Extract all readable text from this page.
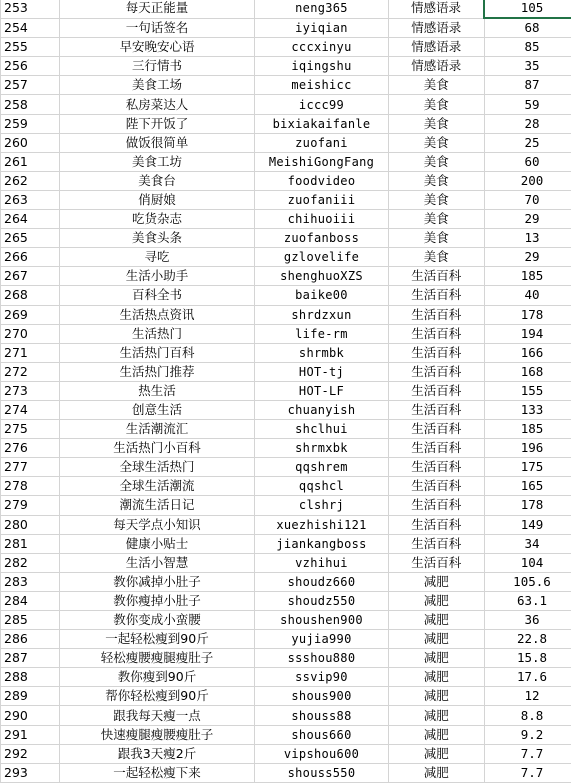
253	每天正能量	neng365	情感语录	105
254	一句话签名	iyiqian	情感语录	68
255	早安晚安心语	cccxinyu	情感语录	85
256	三行情书	iqingshu	情感语录	35
257	美食工场	meishicc	美食	87
258	私房菜达人	iccc99	美食	59
259	陛下开饭了	bixiakaifanle	美食	28
260	做饭很简单	zuofani	美食	25
261	美食工坊	MeishiGongFang	美食	60
262	美食台	foodvideo	美食	200
263	俏厨娘	zuofaniii	美食	70
264	吃货杂志	chihuoiii	美食	29
265	美食头条	zuofanboss	美食	13
266	寻吃	gzlovelife	美食	29
267	生活小助手	shenghuoXZS	生活百科	185
268	百科全书	baike00	生活百科	40
269	生活热点资讯	shrdzxun	生活百科	178
270	生活热门	life-rm	生活百科	194
271	生活热门百科	shrmbk	生活百科	166
272	生活热门推荐	HOT-tj	生活百科	168
273	热生活	HOT-LF	生活百科	155
274	创意生活	chuanyish	生活百科	133
275	生活潮流汇	shclhui	生活百科	185
276	生活热门小百科	shrmxbk	生活百科	196
277	全球生活热门	qqshrem	生活百科	175
278	全球生活潮流	qqshcl	生活百科	165
279	潮流生活日记	clshrj	生活百科	178
280	每天学点小知识	xuezhishi121	生活百科	149
281	健康小贴士	jiankangboss	生活百科	34
282	生活小智慧	vzhihui	生活百科	104
283	教你减掉小肚子	shoudz660	减肥	105.6
284	教你瘦掉小肚子	shoudz550	减肥	63.1
285	教你变成小蛮腰	shoushen900	减肥	36
286	一起轻松瘦到90斤	yujia990	减肥	22.8
287	轻松瘦腰瘦腿瘦肚子	ssshou880	减肥	15.8
288	教你瘦到90斤	ssvip90	减肥	17.6
289	帮你轻松瘦到90斤	shous900	减肥	12
290	跟我每天瘦一点	shouss88	减肥	8.8
291	快速瘦腿瘦腰瘦肚子	shous660	减肥	9.2
292	跟我3天瘦2斤	vipshou600	减肥	7.7
293	一起轻松瘦下来	shouss550	减肥	7.7
